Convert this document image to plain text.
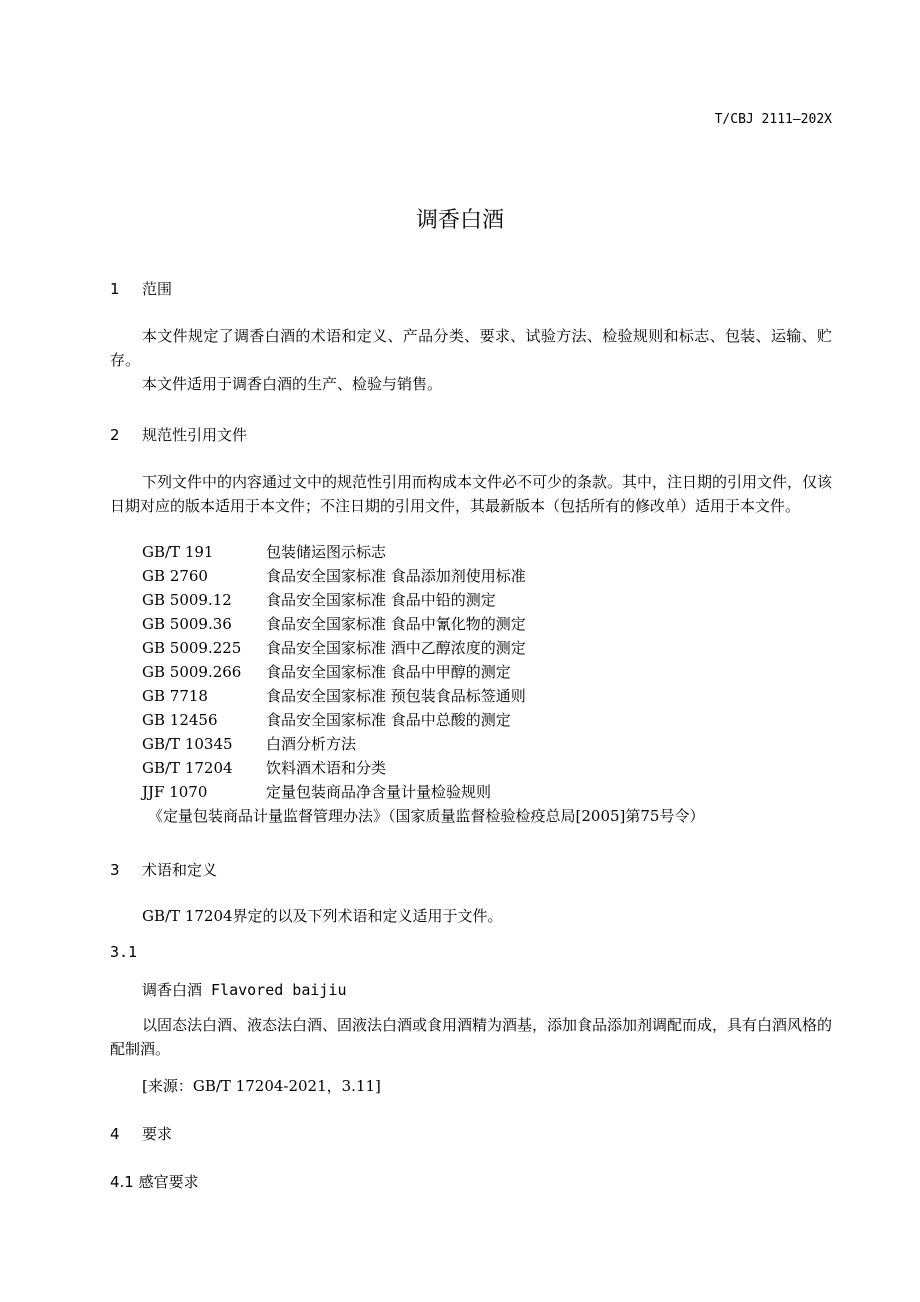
T/CBJ 2111—202X
调香白酒
1 范围
本文件规定了调香白酒的术语和定义、产品分类、要求、试验方法、检验规则和标志、包装、运输、贮存。
本文件适用于调香白酒的生产、检验与销售。
2 规范性引用文件
下列文件中的内容通过文中的规范性引用而构成本文件必不可少的条款。其中，注日期的引用文件，仅该日期对应的版本适用于本文件；不注日期的引用文件，其最新版本（包括所有的修改单）适用于本文件。
GB/T 191	包装储运图示标志
GB 2760	食品安全国家标准 食品添加剂使用标准
GB 5009.12 食品安全国家标准 食品中铅的测定
GB 5009.36 食品安全国家标准 食品中氰化物的测定
GB 5009.225 食品安全国家标准 酒中乙醇浓度的测定
GB 5009.266 食品安全国家标准 食品中甲醇的测定
GB 7718	食品安全国家标准 预包装食品标签通则
GB 12456	食品安全国家标准 食品中总酸的测定
GB/T 10345 白酒分析方法
GB/T 17204 饮料酒术语和分类
JJF 1070	定量包装商品净含量计量检验规则
《定量包装商品计量监督管理办法》（国家质量监督检验检疫总局[2005]第75号令）
3 术语和定义
GB/T 17204界定的以及下列术语和定义适用于文件。
3.1
调香白酒 Flavored baijiu
以固态法白酒、液态法白酒、固液法白酒或食用酒精为酒基，添加食品添加剂调配而成，具有白酒风格的配制酒。
[来源：GB/T 17204-2021，3.11]
4 要求
4.1 感官要求
